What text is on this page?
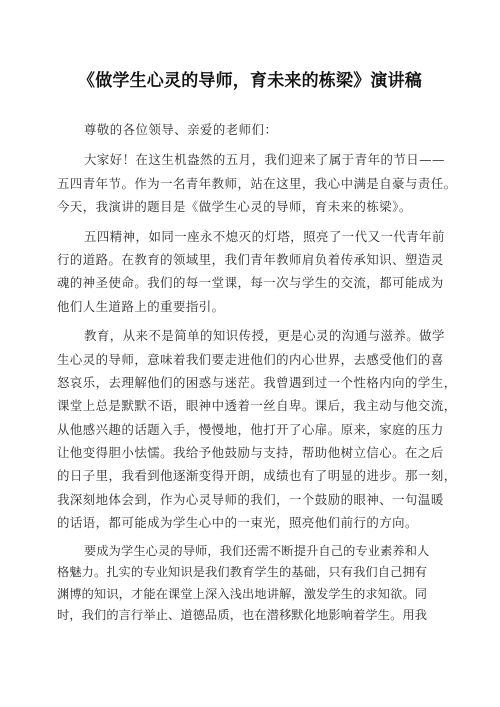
《做学生心灵的导师，育未来的栋梁》演讲稿
尊敬的各位领导、亲爱的老师们：
大家好！在这生机盎然的五月，我们迎来了属于青年的节日——
五四青年节。作为一名青年教师，站在这里，我心中满是自豪与责任。
今天，我演讲的题目是《做学生心灵的导师，育未来的栋梁》。
五四精神，如同一座永不熄灭的灯塔，照亮了一代又一代青年前
行的道路。在教育的领域里，我们青年教师肩负着传承知识、塑造灵
魂的神圣使命。我们的每一堂课，每一次与学生的交流，都可能成为
他们人生道路上的重要指引。
教育，从来不是简单的知识传授，更是心灵的沟通与滋养。做学
生心灵的导师，意味着我们要走进他们的内心世界，去感受他们的喜
怒哀乐，去理解他们的困惑与迷茫。我曾遇到过一个性格内向的学生，
课堂上总是默默不语，眼神中透着一丝自卑。课后，我主动与他交流，
从他感兴趣的话题入手，慢慢地，他打开了心扉。原来，家庭的压力
让他变得胆小怯懦。我给予他鼓励与支持，帮助他树立信心。在之后
的日子里，我看到他逐渐变得开朗，成绩也有了明显的进步。那一刻，
我深刻地体会到，作为心灵导师的我们，一个鼓励的眼神、一句温暖
的话语，都可能成为学生心中的一束光，照亮他们前行的方向。
要成为学生心灵的导师，我们还需不断提升自己的专业素养和人
格魅力。扎实的专业知识是我们教育学生的基础，只有我们自己拥有
渊博的知识，才能在课堂上深入浅出地讲解，激发学生的求知欲。同
时，我们的言行举止、道德品质，也在潜移默化地影响着学生。用我
